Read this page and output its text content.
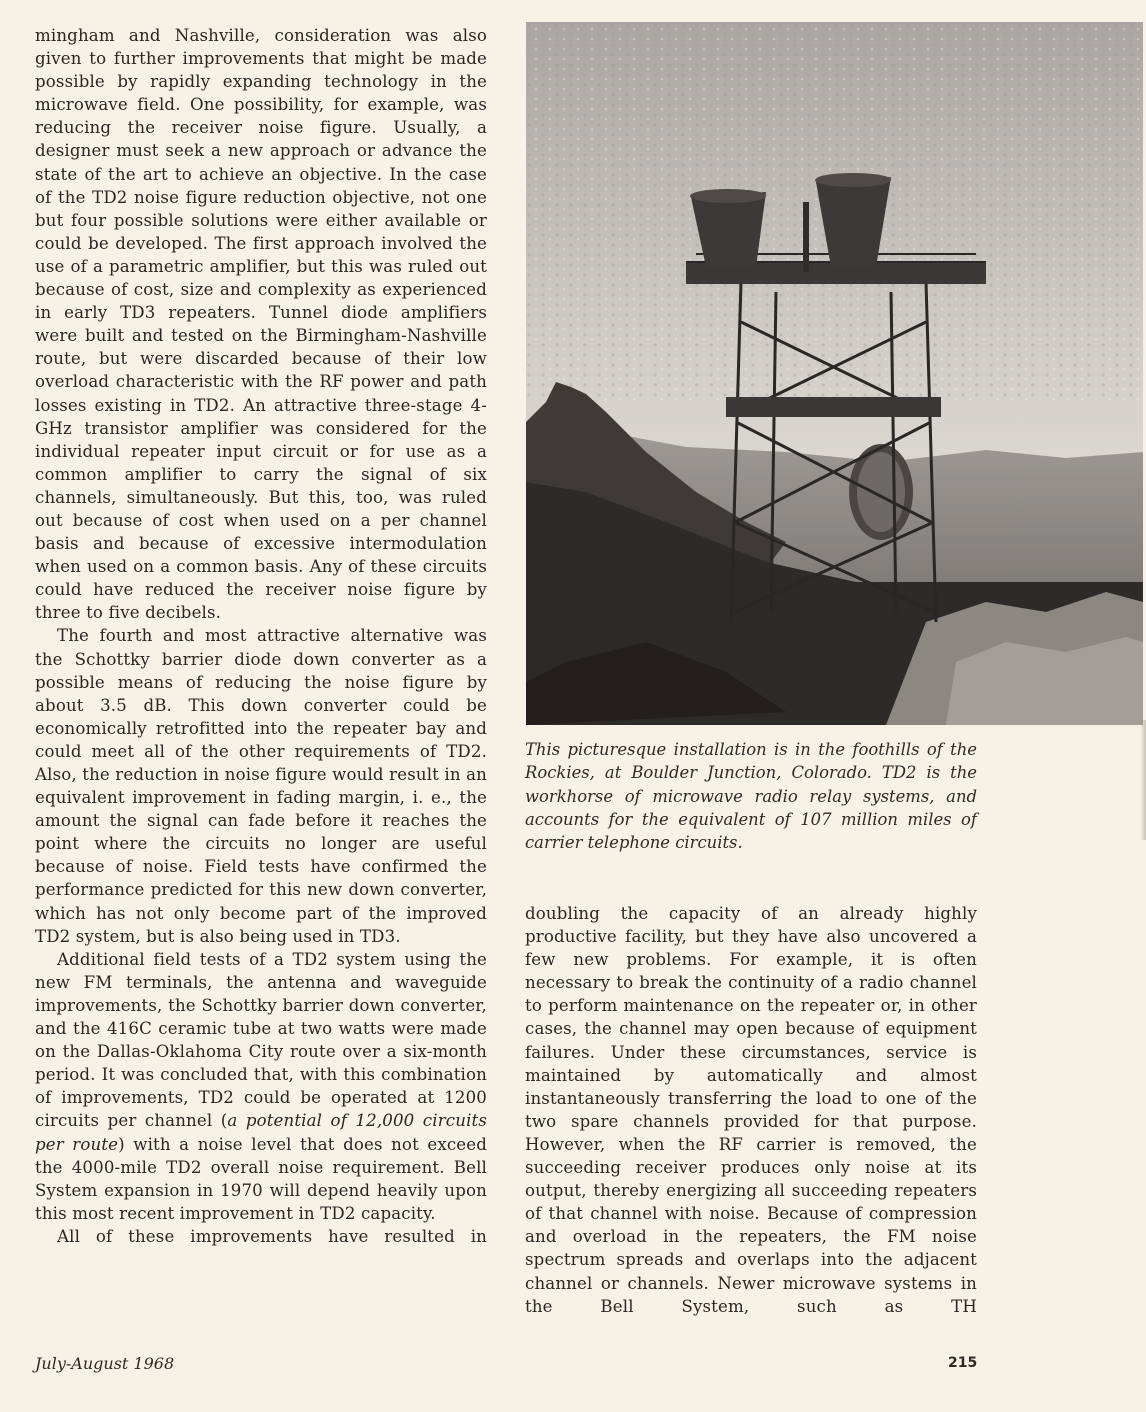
mingham and Nashville, consideration was also given to further improvements that might be made possible by rapidly expanding technology in the microwave field. One possibility, for example, was reducing the receiver noise figure. Usually, a designer must seek a new approach or advance the state of the art to achieve an objective. In the case of the TD2 noise figure reduction objective, not one but four possible solutions were either available or could be developed. The first approach involved the use of a parametric amplifier, but this was ruled out because of cost, size and complexity as experienced in early TD3 repeaters. Tunnel diode amplifiers were built and tested on the Birmingham-Nashville route, but were discarded because of their low overload characteristic with the RF power and path losses existing in TD2. An attractive three-stage 4-GHz transistor amplifier was considered for the individual repeater input circuit or for use as a common amplifier to carry the signal of six channels, simultaneously. But this, too, was ruled out because of cost when used on a per channel basis and because of excessive intermodulation when used on a common basis. Any of these circuits could have reduced the receiver noise figure by three to five decibels.

The fourth and most attractive alternative was the Schottky barrier diode down converter as a possible means of reducing the noise figure by about 3.5 dB. This down converter could be economically retrofitted into the repeater bay and could meet all of the other requirements of TD2. Also, the reduction in noise figure would result in an equivalent improvement in fading margin, i. e., the amount the signal can fade before it reaches the point where the circuits no longer are useful because of noise. Field tests have confirmed the performance predicted for this new down converter, which has not only become part of the improved TD2 system, but is also being used in TD3.

Additional field tests of a TD2 system using the new FM terminals, the antenna and waveguide improvements, the Schottky barrier down converter, and the 416C ceramic tube at two watts were made on the Dallas-Oklahoma City route over a six-month period. It was concluded that, with this combination of improvements, TD2 could be operated at 1200 circuits per channel (a potential of 12,000 circuits per route) with a noise level that does not exceed the 4000-mile TD2 overall noise requirement. Bell System expansion in 1970 will depend heavily upon this most recent improvement in TD2 capacity.

All of these improvements have resulted in

This picturesque installation is in the foothills of the Rockies, at Boulder Junction, Colorado. TD2 is the workhorse of microwave radio relay systems, and accounts for the equivalent of 107 million miles of carrier telephone circuits.

doubling the capacity of an already highly productive facility, but they have also uncovered a few new problems. For example, it is often necessary to break the continuity of a radio channel to perform maintenance on the repeater or, in other cases, the channel may open because of equipment failures. Under these circumstances, service is maintained by automatically and almost instantaneously transferring the load to one of the two spare channels provided for that purpose. However, when the RF carrier is removed, the succeeding receiver produces only noise at its output, thereby energizing all succeeding repeaters of that channel with noise. Because of compression and overload in the repeaters, the FM noise spectrum spreads and overlaps into the adjacent channel or channels. Newer microwave systems in the Bell System, such as TH

July-August 1968	215
